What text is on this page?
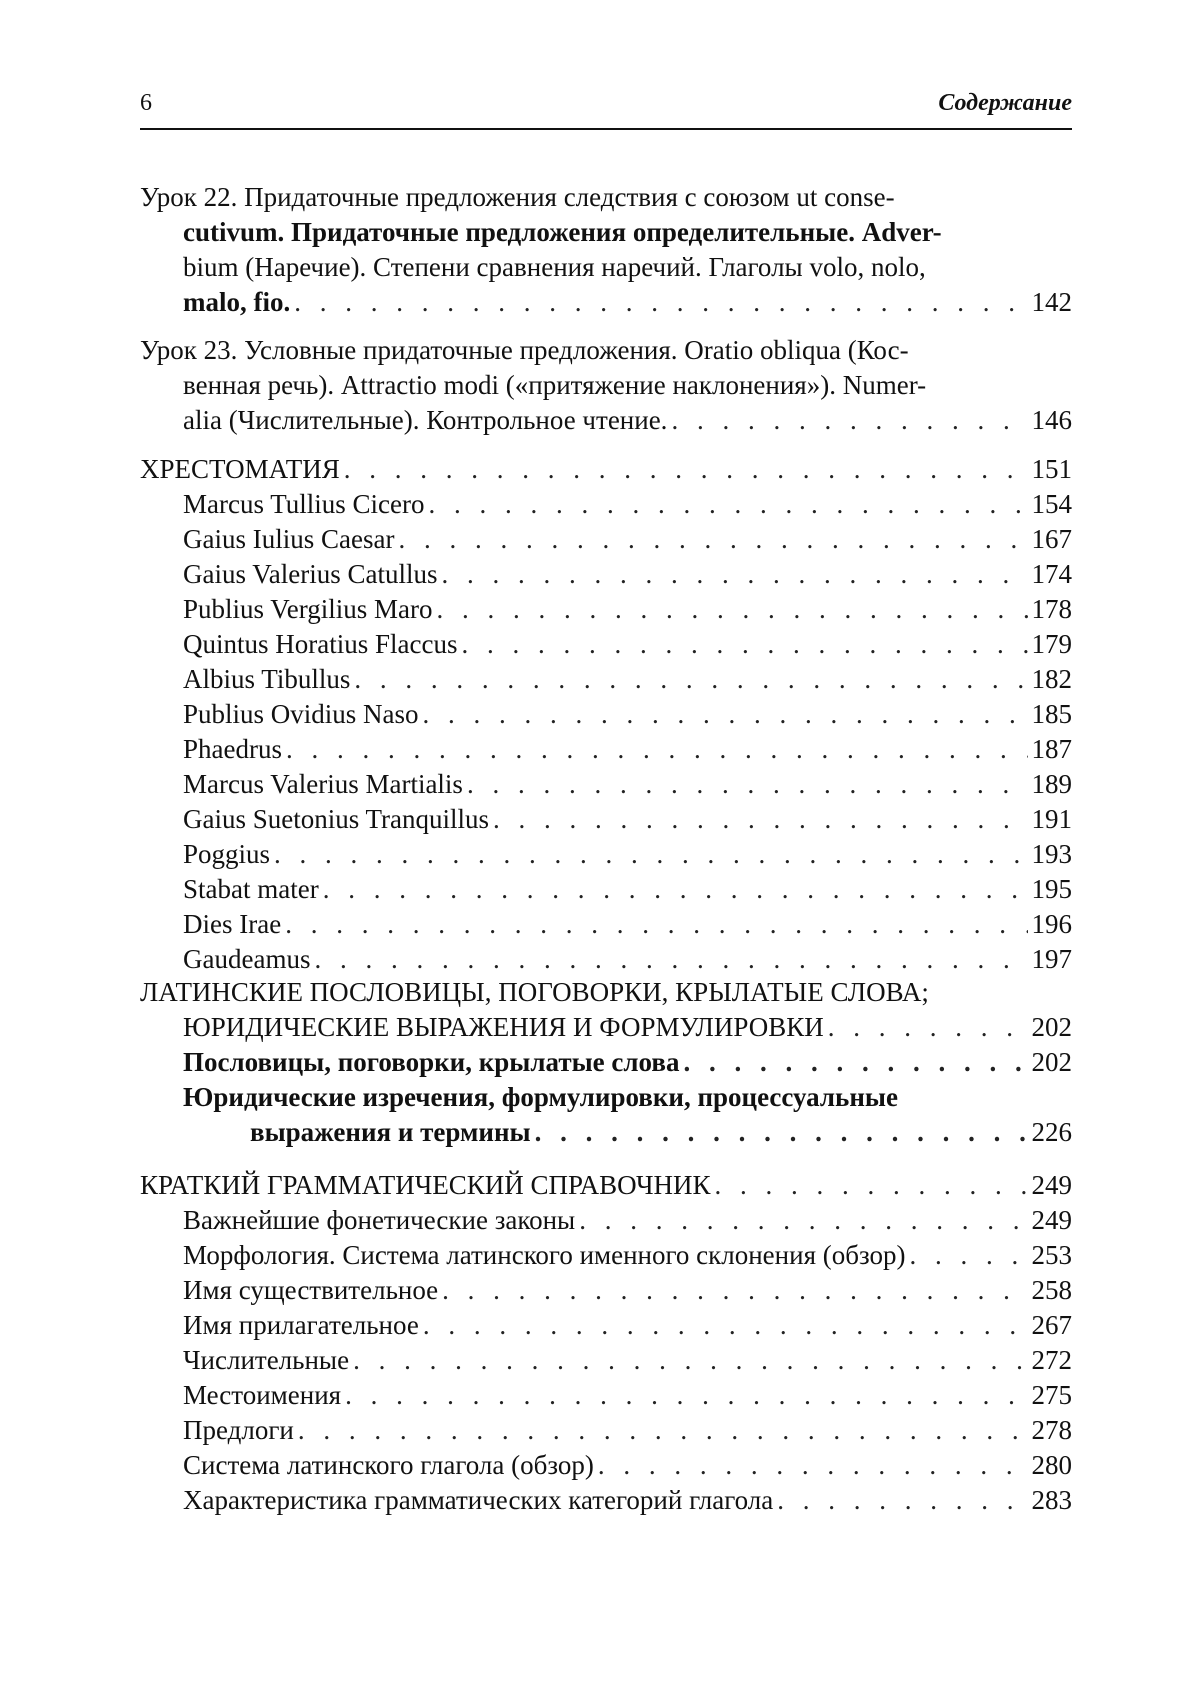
6	Содержание
Урок 22. Придаточные предложения следствия с союзом ut conse-
cutivum. Придаточные предложения определительные. Adver-
bium (Наречие). Степени сравнения наречий. Глаголы volo, nolo,
malo, fio. . . .	142
Урок 23. Условные придаточные предложения. Oratio obliqua (Кос-
венная речь). Attractio modi («притяжение наклонения»). Numer-
alia (Числительные). Контрольное чтение. . . .	146
ХРЕСТОМАТИЯ . . .	151
Marcus Tullius Cicero . . .	154
Gaius Iulius Caesar . . .	167
Gaius Valerius Catullus . . .	174
Publius Vergilius Maro . . .	178
Quintus Horatius Flaccus . . .	179
Albius Tibullus . . .	182
Publius Ovidius Naso . . .	185
Phaedrus . . .	187
Marcus Valerius Martialis . . .	189
Gaius Suetonius Tranquillus . . .	191
Poggius . . .	193
Stabat mater . . .	195
Dies Irae . . .	196
Gaudeamus . . .	197
ЛАТИНСКИЕ ПОСЛОВИЦЫ, ПОГОВОРКИ, КРЫЛАТЫЕ СЛОВА;
ЮРИДИЧЕСКИЕ ВЫРАЖЕНИЯ И ФОРМУЛИРОВКИ . . .	202
Пословицы, поговорки, крылатые слова . . .	202
Юридические изречения, формулировки, процессуальные
выражения и термины . . .	226
КРАТКИЙ ГРАММАТИЧЕСКИЙ СПРАВОЧНИК . . .	249
Важнейшие фонетические законы . . .	249
Морфология. Система латинского именного склонения (обзор) . . .	253
Имя существительное . . .	258
Имя прилагательное . . .	267
Числительные . . .	272
Местоимения . . .	275
Предлоги . . .	278
Система латинского глагола (обзор) . . .	280
Характеристика грамматических категорий глагола . . .	283
